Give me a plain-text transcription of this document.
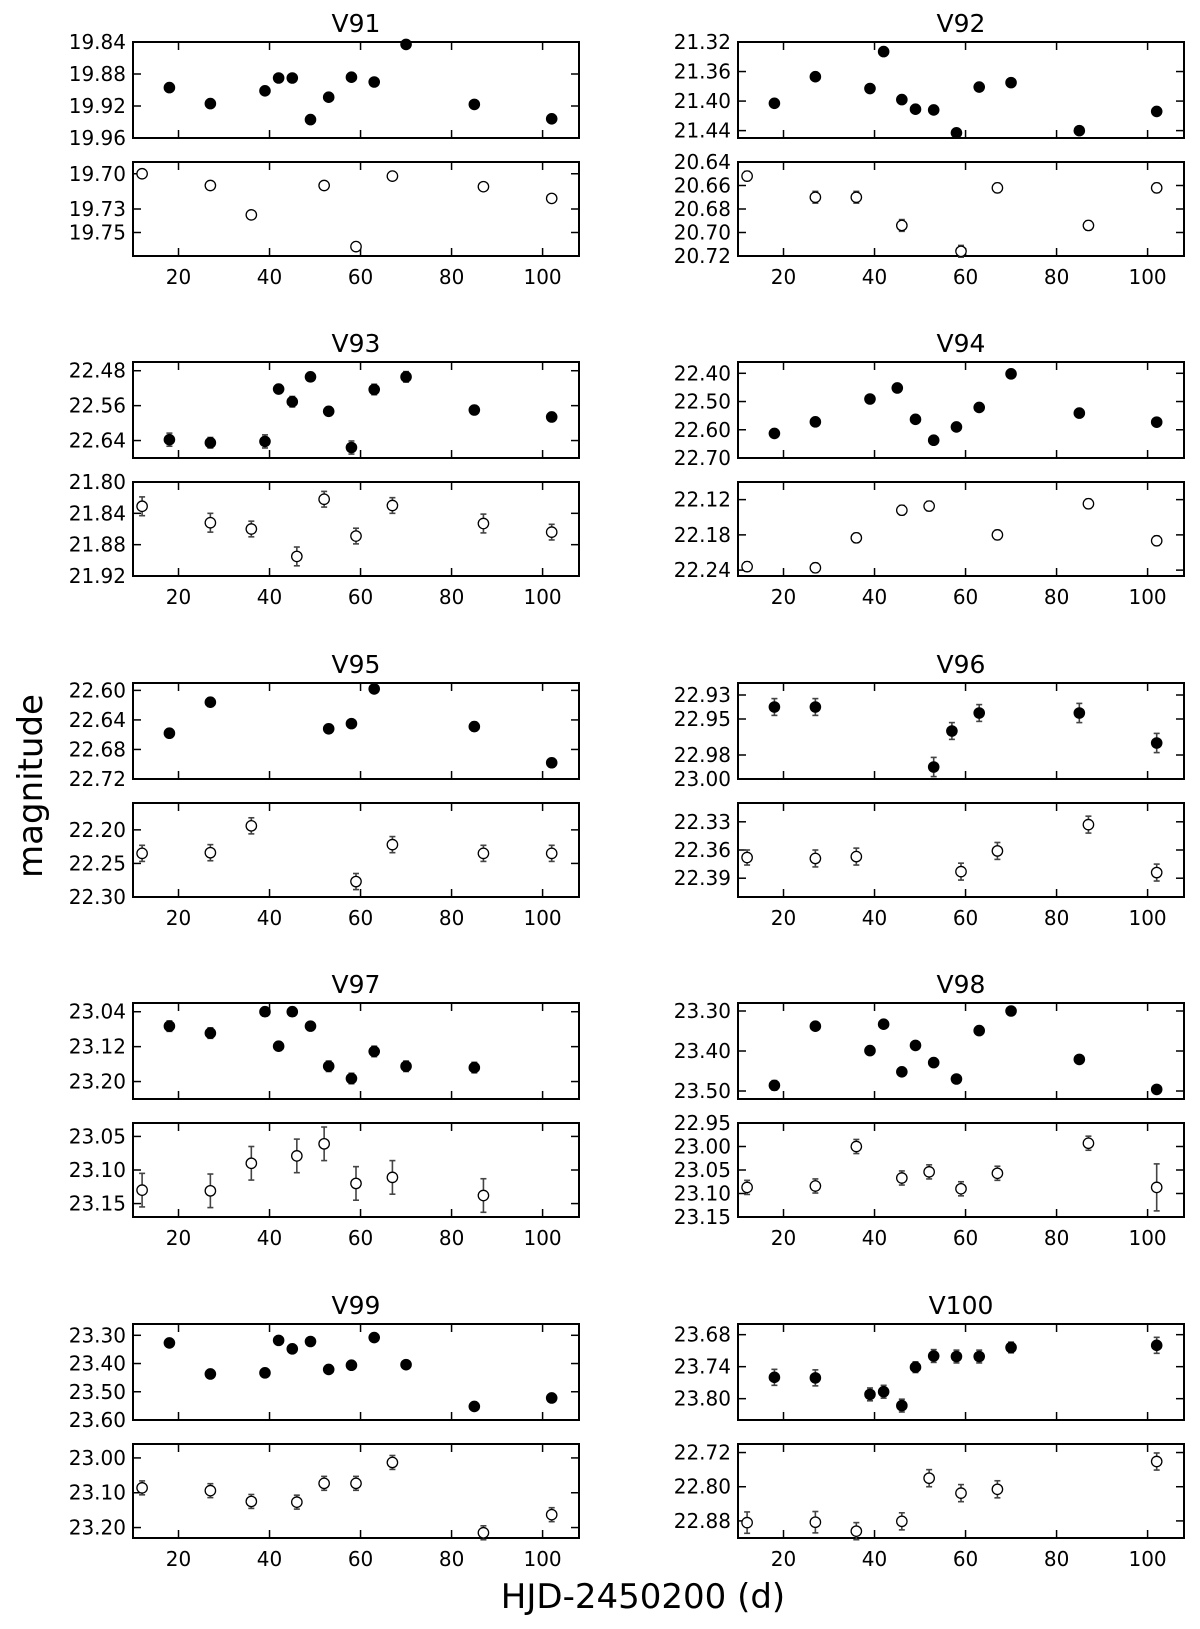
V91
19.84
19.88
19.92
19.96
19.70
19.73
19.75
20	40	60	80	100
V92
21.32
21.36
21.40
21.44
20.64
20.66
20.68
20.70
20.72
20	40	60	80	100
V93
22.48
22.56
22.64
21.80
21.84
21.88
21.92
20	40	60	80	100
V94
22.40
22.50
22.60
22.70
22.12
22.18
22.24
20	40	60	80	100
V95
22.60
22.64
22.68
22.72
22.20
22.25
22.30
20	40	60	80	100
V96
22.93
22.95
22.98
23.00
22.33
22.36
22.39
20	40	60	80	100
V97
23.04
23.12
23.20
23.05
23.10
23.15
20	40	60	80	100
V98
23.30
23.40
23.50
22.95
23.00
23.05
23.10
23.15
20	40	60	80	100
V99
23.30
23.40
23.50
23.60
23.00
23.10
23.20
20	40	60	80	100
V100
23.68
23.74
23.80
22.72
22.80
22.88
20	40	60	80	100
magnitude
HJD-2450200 (d)
